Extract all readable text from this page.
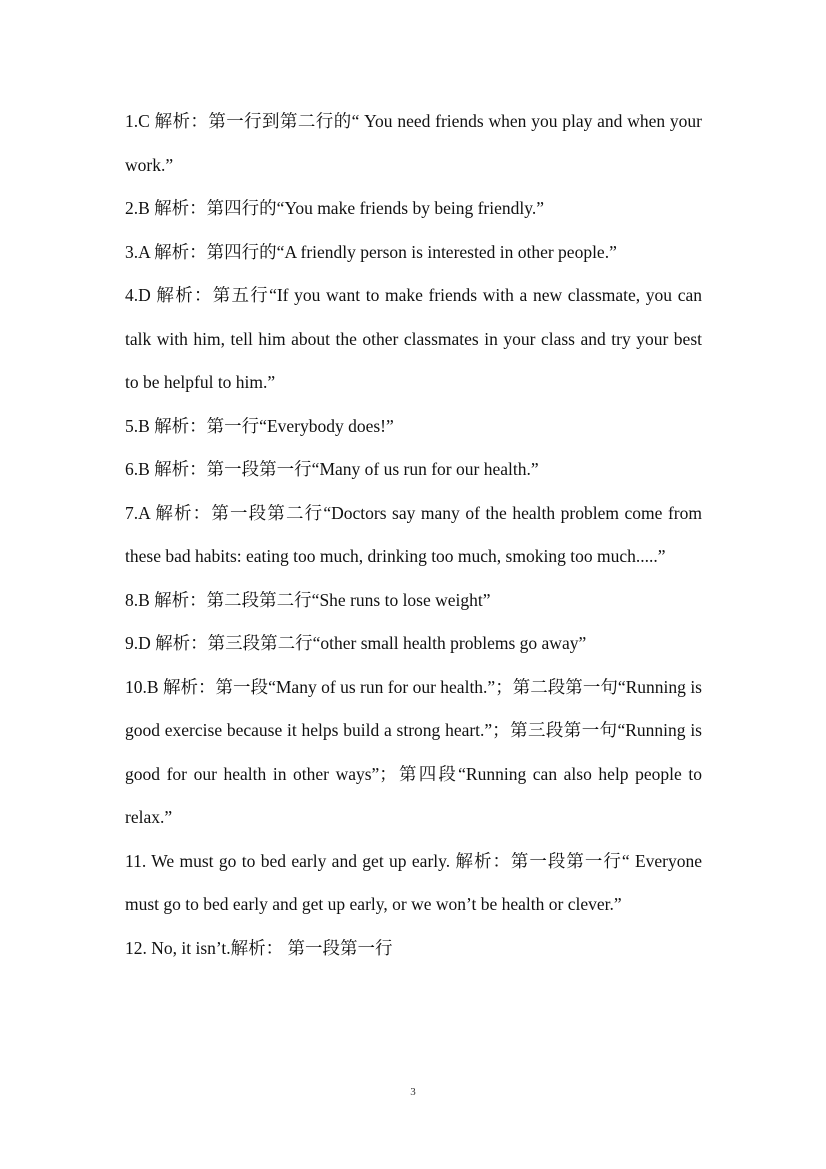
1.C 解析：第一行到第二行的“ You need friends when you play and when your work.”

2.B 解析：第四行的“You make friends by being friendly.”

3.A 解析：第四行的“A friendly person is interested in other people.”

4.D 解析：第五行“If you want to make friends with a new classmate, you can talk with him, tell him about the other classmates in your class and try your best to be helpful to him.”

5.B 解析：第一行“Everybody does!”

6.B 解析：第一段第一行“Many of us run for our health.”

7.A 解析：第一段第二行“Doctors say many of the health problem come from these bad habits: eating too much, drinking too much, smoking too much.....”

8.B 解析：第二段第二行“She runs to lose weight”

9.D 解析：第三段第二行“other small health problems go away”

10.B 解析：第一段“Many of us run for our health.”；第二段第一句“Running is good exercise because it helps build a strong heart.”；第三段第一句“Running is good for our health in other ways”；第四段“Running can also help people to relax.”

11. We must go to bed early and get up early. 解析：第一段第一行“ Everyone must go to bed early and get up early, or we won’t be health or clever.”

12. No, it isn’t.解析： 第一段第一行

3
